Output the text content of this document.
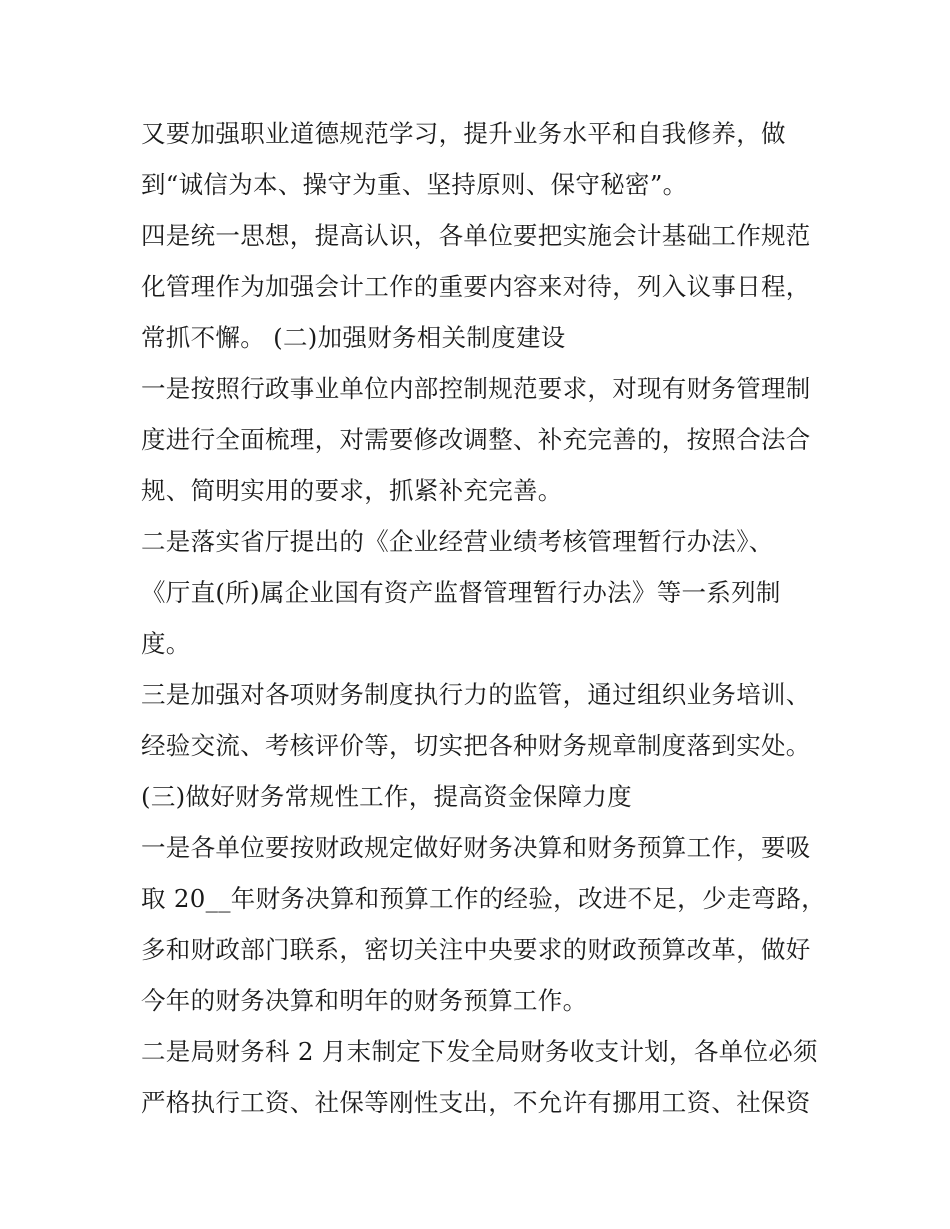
又要加强职业道德规范学习，提升业务水平和自我修养，做
到“诚信为本、操守为重、坚持原则、保守秘密”。
四是统一思想，提高认识，各单位要把实施会计基础工作规范
化管理作为加强会计工作的重要内容来对待，列入议事日程，
常抓不懈。 (二)加强财务相关制度建设
一是按照行政事业单位内部控制规范要求，对现有财务管理制
度进行全面梳理，对需要修改调整、补充完善的，按照合法合
规、简明实用的要求，抓紧补充完善。
二是落实省厅提出的《企业经营业绩考核管理暂行办法》、
《厅直(所)属企业国有资产监督管理暂行办法》等一系列制
度。
三是加强对各项财务制度执行力的监管，通过组织业务培训、
经验交流、考核评价等，切实把各种财务规章制度落到实处。
(三)做好财务常规性工作，提高资金保障力度
一是各单位要按财政规定做好财务决算和财务预算工作，要吸
取 20__年财务决算和预算工作的经验，改进不足，少走弯路，
多和财政部门联系，密切关注中央要求的财政预算改革，做好
今年的财务决算和明年的财务预算工作。
二是局财务科 2 月末制定下发全局财务收支计划，各单位必须
严格执行工资、社保等刚性支出，不允许有挪用工资、社保资
